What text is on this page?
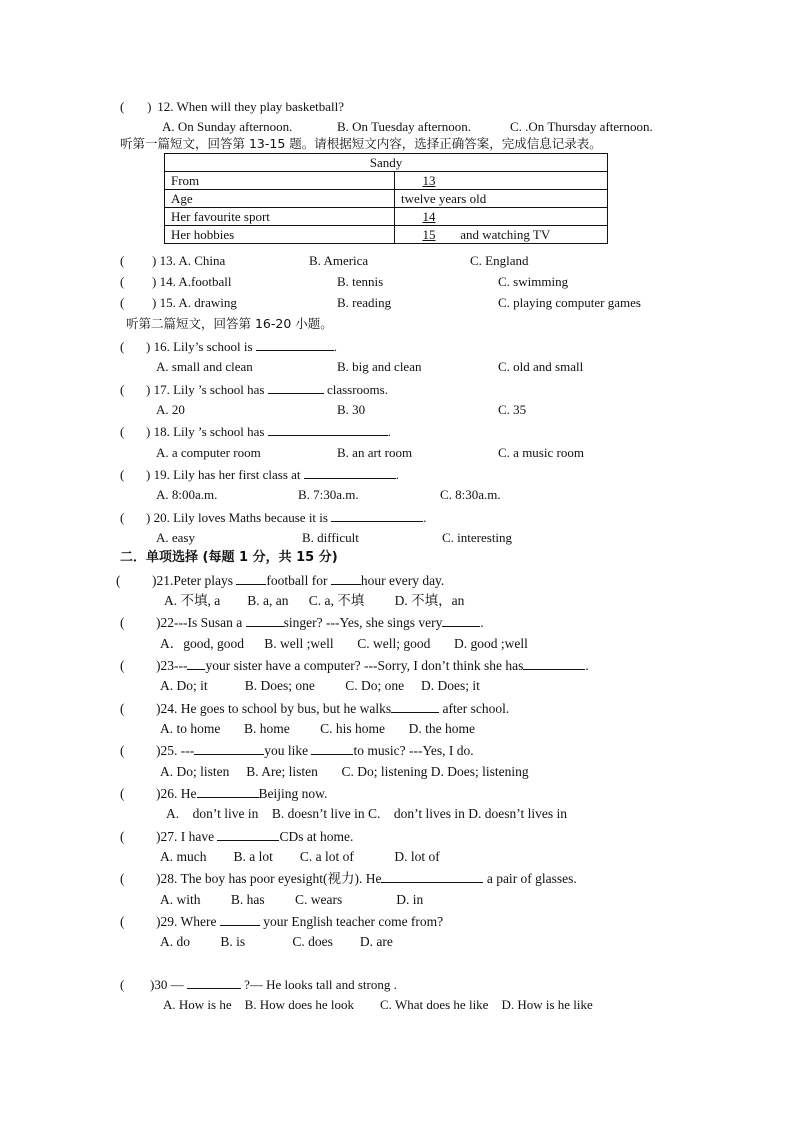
(       ) 12. When will they play basketball?
A. On Sunday afternoon.	B. On Tuesday afternoon.	C. .On Thursday afternoon.
听第一篇短文，回答第 13-15 题。请根据短文内容，选择正确答案，完成信息记录表。
Sandy	
From	13
Age	twelve years old
Her favourite sport	14
Her hobbies	15 and watching TV
(       ) 13. A. China	B. America	C. England
(       ) 14. A.football	B. tennis	C. swimming
(       ) 15. A. drawing	B. reading	C. playing computer games
听第二篇短文，回答第 16-20 小题。
(    ) 16. Lily’s school is	.
A. small and clean	B. big and clean	C. old and small
(    ) 17. Lily ’s school has	classrooms.
A. 20	B. 30	C. 35
(    ) 18. Lily ’s school has	.
A. a computer room	B. an art room	C. a music room
(    ) 19. Lily has her first class at	.
A. 8:00a.m.	B. 7:30a.m.	C. 8:30a.m.
(    ) 20. Lily loves Maths because it is	.
A. easy	B. difficult	C. interesting
二．单项选择 (每题 1 分，共 15 分)
( )21.Peter plays football for hour every day.
A. 不填, a        B. a, an      C. a, 不填         D. 不填，an
( )22---Is Susan a	singer? ---Yes, she sings very	.
A．good, good      B. well ;well       C. well; good       D. good ;well
( )23--- your sister have a computer? ---Sorry, I don’t think she has	.
A. Do; it           B. Does; one         C. Do; one     D. Does; it
( )24. He goes to school by bus, but he walks	after school.
A. to home       B. home         C. his home       D. the home
( )25. ---	you like	to music? ---Yes, I do.
A. Do; listen     B. Are; listen       C. Do; listening D. Does; listening
( )26. He	Beijing now.
A.    don’t live in    B. doesn’t live in C.    don’t lives in D. doesn’t lives in
( )27. I have	CDs at home.
A. much        B. a lot        C. a lot of            D. lot of
( )28. The boy has poor eyesight(视力). He	a pair of glasses.
A. with         B. has         C. wears                D. in
( )29. Where	your English teacher come from?
A. do         B. is              C. does        D. are
(   )30 —	?— He looks tall and strong .
A. How is he    B. How does he look        C. What does he like    D. How is he like
